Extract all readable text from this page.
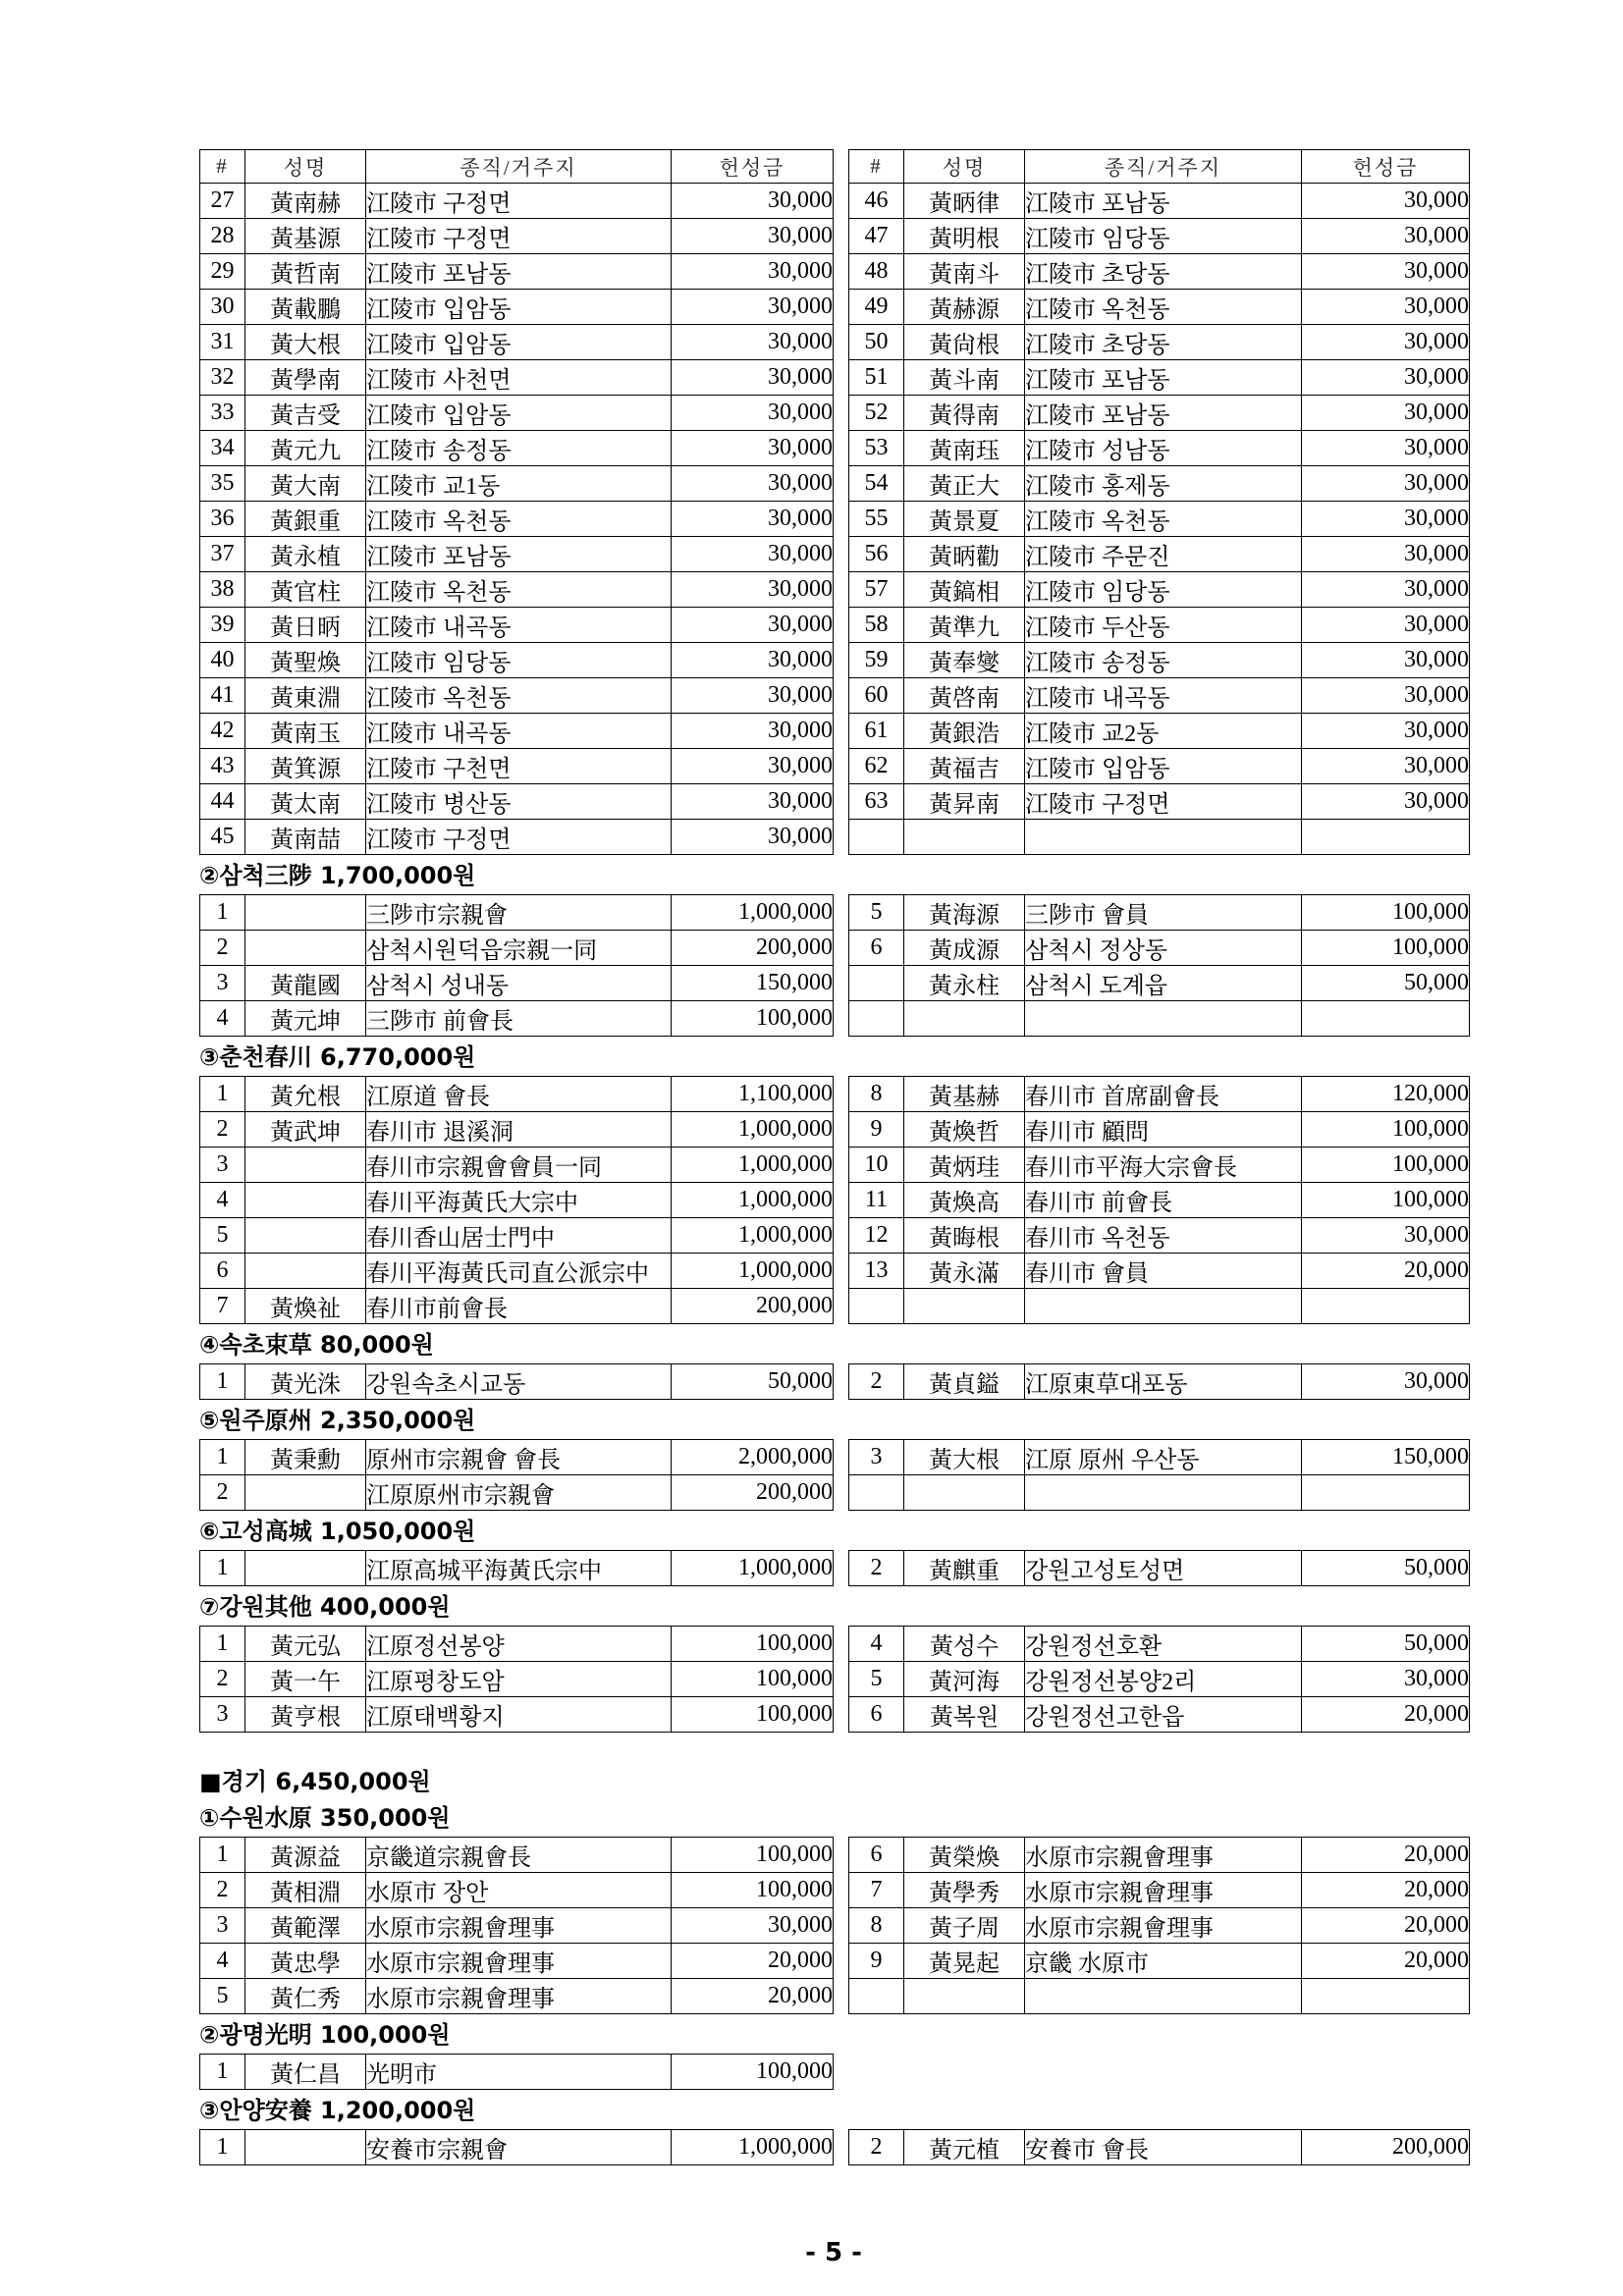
#	성명	종직/거주지	헌성금		#	성명	종직/거주지	헌성금
27	黃南赫	江陵市 구정면	30,000		46	黃昞律	江陵市 포남동	30,000
28	黃基源	江陵市 구정면	30,000		47	黃明根	江陵市 임당동	30,000
29	黃哲南	江陵市 포남동	30,000		48	黃南斗	江陵市 초당동	30,000
30	黃載鵬	江陵市 입암동	30,000		49	黃赫源	江陵市 옥천동	30,000
31	黃大根	江陵市 입암동	30,000		50	黃尙根	江陵市 초당동	30,000
32	黃學南	江陵市 사천면	30,000		51	黃斗南	江陵市 포남동	30,000
33	黃吉受	江陵市 입암동	30,000		52	黃得南	江陵市 포남동	30,000
34	黃元九	江陵市 송정동	30,000		53	黃南珏	江陵市 성남동	30,000
35	黃大南	江陵市 교1동	30,000		54	黃正大	江陵市 홍제동	30,000
36	黃銀重	江陵市 옥천동	30,000		55	黃景夏	江陵市 옥천동	30,000
37	黃永植	江陵市 포남동	30,000		56	黃昞勸	江陵市 주문진	30,000
38	黃官柱	江陵市 옥천동	30,000		57	黃鎬相	江陵市 임당동	30,000
39	黃日昞	江陵市 내곡동	30,000		58	黃準九	江陵市 두산동	30,000
40	黃聖煥	江陵市 임당동	30,000		59	黃奉燮	江陵市 송정동	30,000
41	黃東淵	江陵市 옥천동	30,000		60	黃啓南	江陵市 내곡동	30,000
42	黃南玉	江陵市 내곡동	30,000		61	黃銀浩	江陵市 교2동	30,000
43	黃箕源	江陵市 구천면	30,000		62	黃福吉	江陵市 입암동	30,000
44	黃太南	江陵市 병산동	30,000		63	黃昇南	江陵市 구정면	30,000
45	黃南喆	江陵市 구정면	30,000					
②삼척三陟 1,700,000원
1		三陟市宗親會	1,000,000		5	黃海源	三陟市 會員	100,000
2		삼척시원덕읍宗親一同	200,000		6	黃成源	삼척시 정상동	100,000
3	黃龍國	삼척시 성내동	150,000			黃永柱	삼척시 도계읍	50,000
4	黃元坤	三陟市 前會長	100,000					
③춘천春川 6,770,000원
1	黃允根	江原道 會長	1,100,000		8	黃基赫	春川市 首席副會長	120,000
2	黃武坤	春川市 退溪洞	1,000,000		9	黃煥哲	春川市 顧問	100,000
3		春川市宗親會會員一同	1,000,000		10	黃炳珪	春川市平海大宗會長	100,000
4		春川平海黃氏大宗中	1,000,000		11	黃煥高	春川市 前會長	100,000
5		春川香山居士門中	1,000,000		12	黃晦根	春川市 옥천동	30,000
6		春川平海黃氏司直公派宗中	1,000,000		13	黃永滿	春川市 會員	20,000
7	黃煥祉	春川市前會長	200,000					
④속초束草 80,000원
1	黃光洙	강원속초시교동	50,000		2	黃貞鎰	江原東草대포동	30,000
⑤원주原州 2,350,000원
1	黃秉勳	原州市宗親會 會長	2,000,000		3	黃大根	江原 原州 우산동	150,000
2		江原原州市宗親會	200,000					
⑥고성高城 1,050,000원
1		江原高城平海黃氏宗中	1,000,000		2	黃麒重	강원고성토성면	50,000
⑦강원其他 400,000원
1	黃元弘	江原정선봉양	100,000		4	黃성수	강원정선호환	50,000
2	黃一午	江原평창도암	100,000		5	黃河海	강원정선봉양2리	30,000
3	黃亨根	江原태백황지	100,000		6	黃복원	강원정선고한읍	20,000
■경기 6,450,000원
①수원水原 350,000원
1	黃源益	京畿道宗親會長	100,000		6	黃榮煥	水原市宗親會理事	20,000
2	黃相淵	水原市 장안	100,000		7	黃學秀	水原市宗親會理事	20,000
3	黃範澤	水原市宗親會理事	30,000		8	黃子周	水原市宗親會理事	20,000
4	黃忠學	水原市宗親會理事	20,000		9	黃晃起	京畿 水原市	20,000
5	黃仁秀	水原市宗親會理事	20,000					
②광명光明 100,000원
1	黃仁昌	光明市	100,000
③안양安養 1,200,000원
1		安養市宗親會	1,000,000		2	黃元植	安養市 會長	200,000
- 5 -
